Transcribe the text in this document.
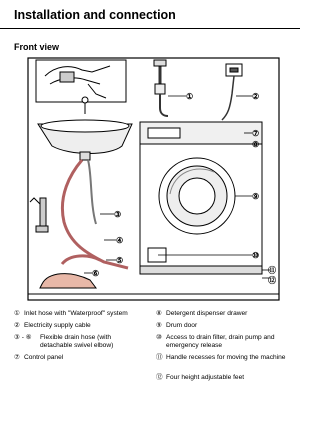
Installation and connection
Front view
①	②
③
④
⑤
⑥
⑦
⑧
⑨
⑩
⑪
⑫
① Inlet hose with "Waterproof" system
② Electricity supply cable
③ - ⑥	Flexible drain hose (with detachable swivel elbow)
⑦ Control panel
⑧ Detergent dispenser drawer
⑨ Drum door
⑩ Access to drain filter, drain pump and emergency release
⑪ Handle recesses for moving the machine
⑫ Four height adjustable feet
